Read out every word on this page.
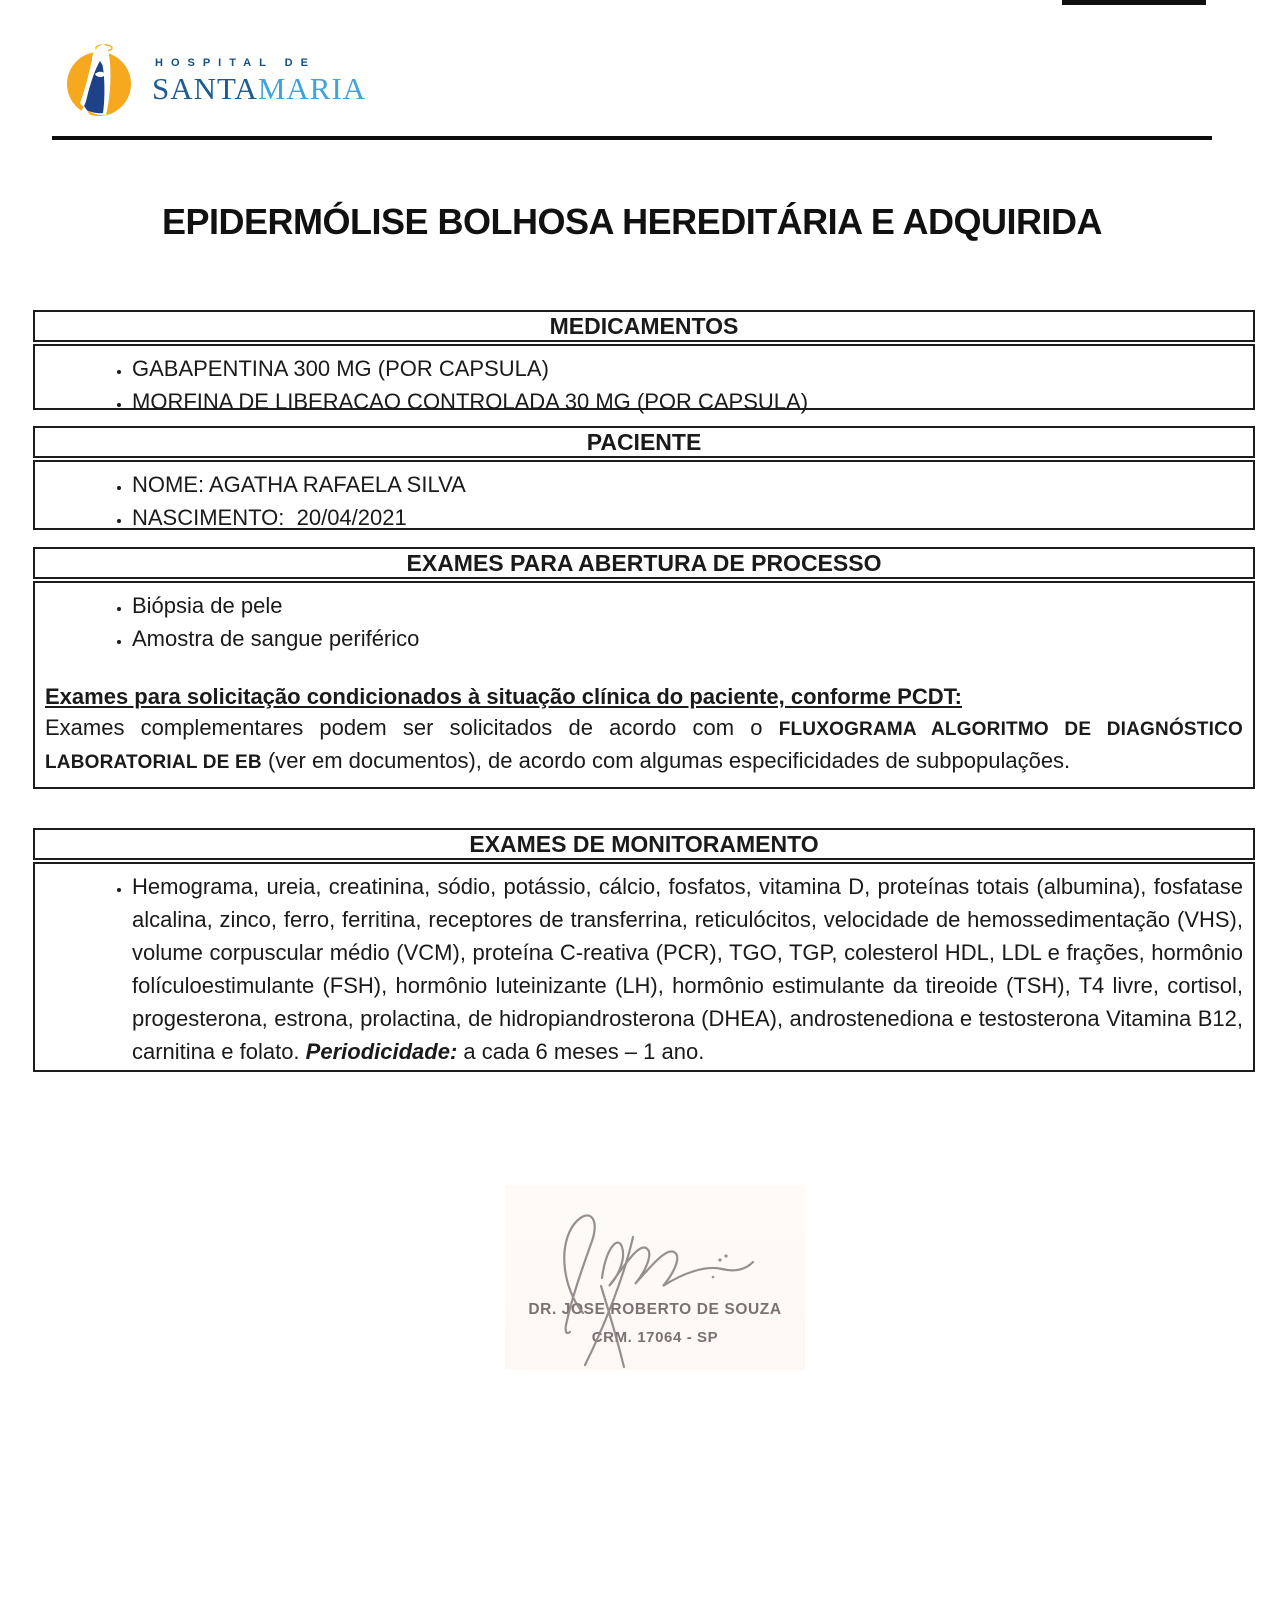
HOSPITAL DE
SANTAMARIA
EPIDERMÓLISE BOLHOSA HEREDITÁRIA E ADQUIRIDA
MEDICAMENTOS
• GABAPENTINA 300 MG (POR CAPSULA)
• MORFINA DE LIBERACAO CONTROLADA 30 MG (POR CAPSULA)
PACIENTE
• NOME: AGATHA RAFAELA SILVA
• NASCIMENTO:  20/04/2021
EXAMES PARA ABERTURA DE PROCESSO
• Biópsia de pele
• Amostra de sangue periférico
Exames para solicitação condicionados à situação clínica do paciente, conforme PCDT:

Exames complementares podem ser solicitados de acordo com o FLUXOGRAMA ALGORITMO DE DIAGNÓSTICO LABORATORIAL DE EB (ver em documentos), de acordo com algumas especificidades de subpopulações.

EXAMES DE MONITORAMENTO
• Hemograma, ureia, creatinina, sódio, potássio, cálcio, fosfatos, vitamina D, proteínas totais (albumina), fosfatase alcalina, zinco, ferro, ferritina, receptores de transferrina, reticulócitos, velocidade de hemossedimentação (VHS), volume corpuscular médio (VCM), proteína C-reativa (PCR), TGO, TGP, colesterol HDL, LDL e frações, hormônio folículoestimulante (FSH), hormônio luteinizante (LH), hormônio estimulante da tireoide (TSH), T4 livre, cortisol, progesterona, estrona, prolactina, de hidropiandrosterona (DHEA), androstenediona e testosterona Vitamina B12, carnitina e folato. Periodicidade: a cada 6 meses – 1 ano.
DR. JOSE ROBERTO DE SOUZA
CRM. 17064 - SP
